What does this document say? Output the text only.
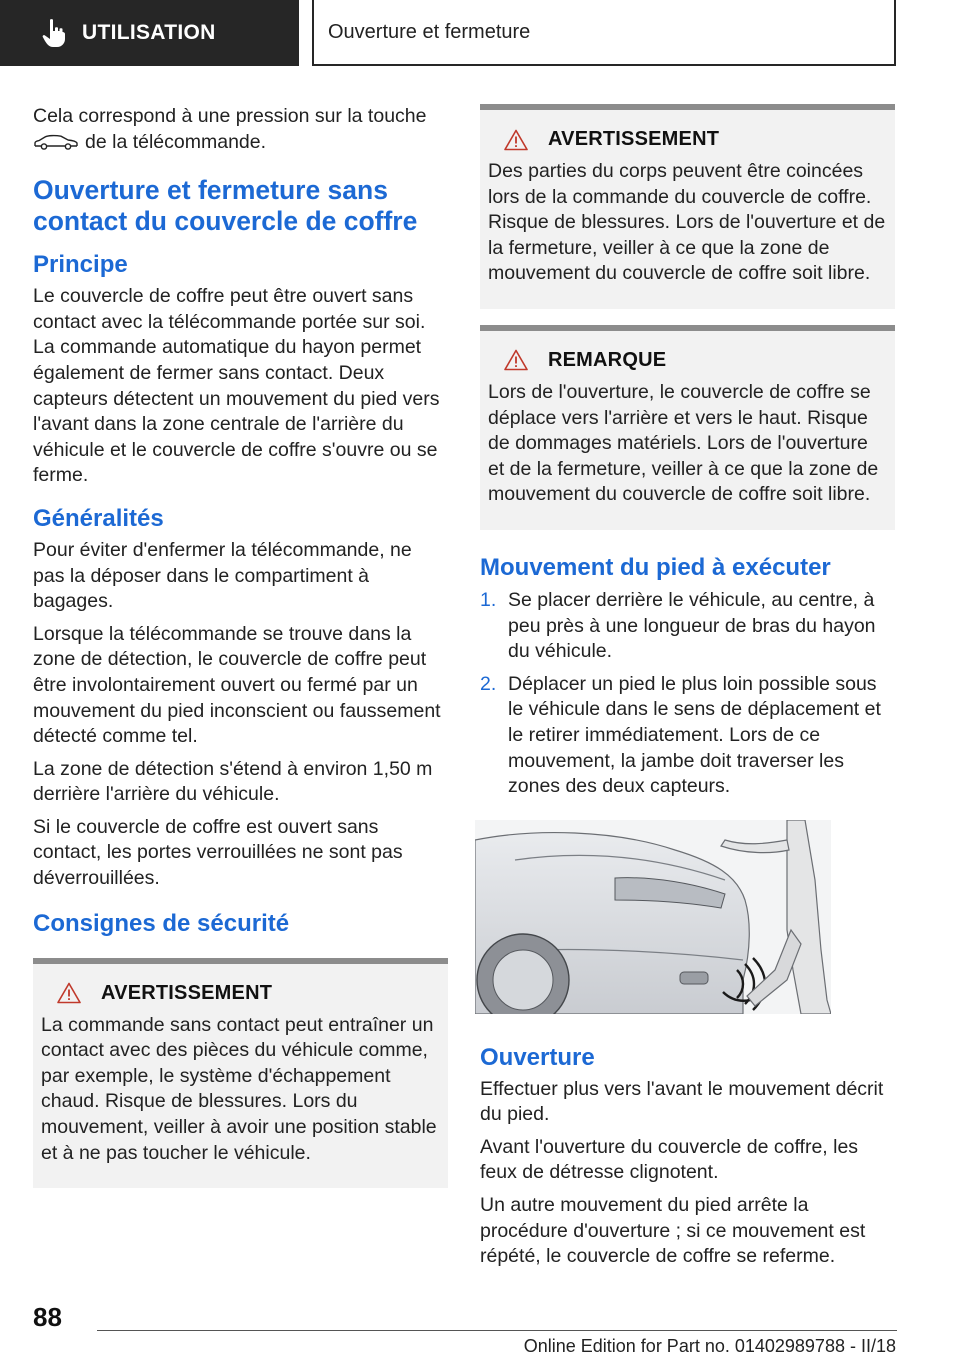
UTILISATION	Ouverture et fermeture

Cela correspond à une pression sur la touche
de la télécommande.

Ouverture et fermeture sans contact du couvercle de coffre
Principe

Le couvercle de coffre peut être ouvert sans contact avec la télécommande portée sur soi. La commande automatique du hayon permet également de fermer sans contact. Deux capteurs détectent un mouvement du pied vers l'avant dans la zone centrale de l'arrière du véhicule et le couvercle de coffre s'ouvre ou se ferme.

Généralités

Pour éviter d'enfermer la télécommande, ne pas la déposer dans le compartiment à bagages.

Lorsque la télécommande se trouve dans la zone de détection, le couvercle de coffre peut être involontairement ouvert ou fermé par un mouvement du pied inconscient ou faussement détecté comme tel.

La zone de détection s'étend à environ 1,50 m derrière l'arrière du véhicule.

Si le couvercle de coffre est ouvert sans contact, les portes verrouillées ne sont pas déverrouillées.

Consignes de sécurité
AVERTISSEMENT

La commande sans contact peut entraîner un contact avec des pièces du véhicule comme, par exemple, le système d'échappement chaud. Risque de blessures. Lors du mouvement, veiller à avoir une position stable et à ne pas toucher le véhicule.

AVERTISSEMENT

Des parties du corps peuvent être coincées lors de la commande du couvercle de coffre. Risque de blessures. Lors de l'ouverture et de la fermeture, veiller à ce que la zone de mouvement du couvercle de coffre soit libre.

REMARQUE

Lors de l'ouverture, le couvercle de coffre se déplace vers l'arrière et vers le haut. Risque de dommages matériels. Lors de l'ouverture et de la fermeture, veiller à ce que la zone de mouvement du couvercle de coffre soit libre.

Mouvement du pied à exécuter
1. Se placer derrière le véhicule, au centre, à peu près à une longueur de bras du hayon du véhicule.
2. Déplacer un pied le plus loin possible sous le véhicule dans le sens de déplacement et le retirer immédiatement. Lors de ce mouvement, la jambe doit traverser les zones des deux capteurs.
Ouverture

Effectuer plus vers l'avant le mouvement décrit du pied.

Avant l'ouverture du couvercle de coffre, les feux de détresse clignotent.

Un autre mouvement du pied arrête la procédure d'ouverture ; si ce mouvement est répété, le couvercle de coffre se referme.

88
Online Edition for Part no. 01402989788 - II/18
